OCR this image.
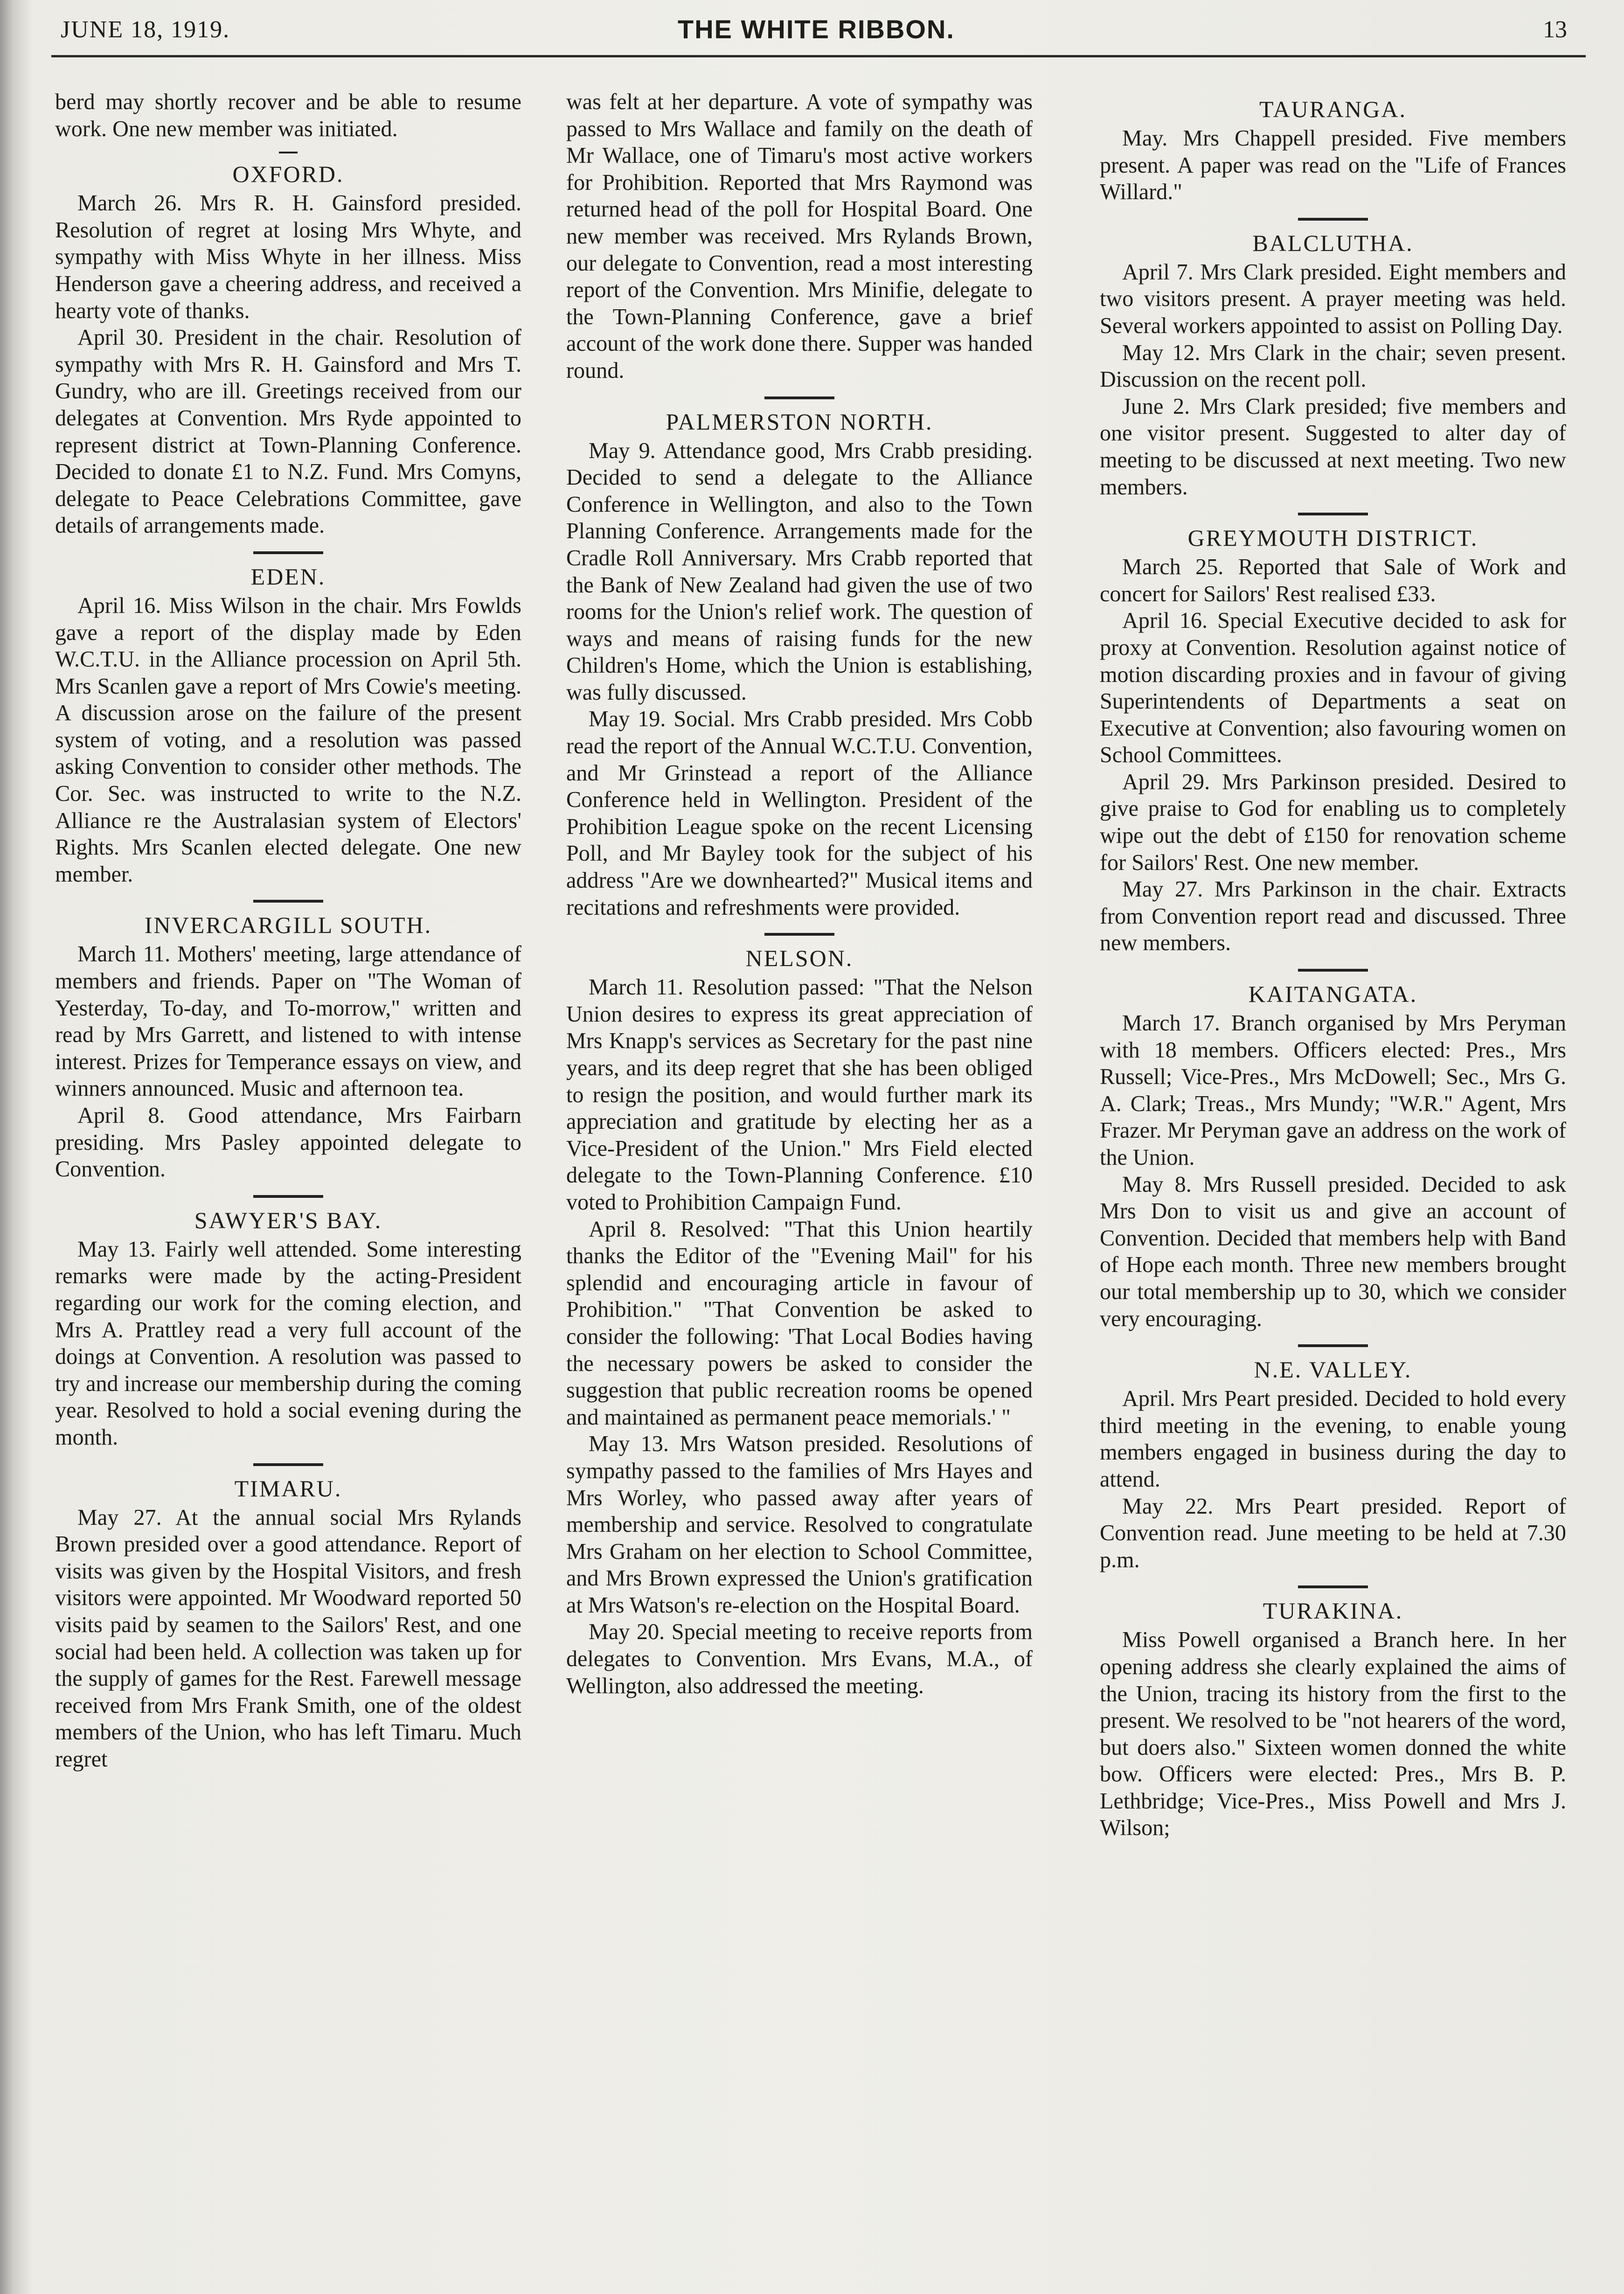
JUNE 18, 1919.	THE WHITE RIBBON.	13

berd may shortly recover and be able to resume work. One new member was initiated.

OXFORD.

March 26. Mrs R. H. Gainsford presided. Resolution of regret at losing Mrs Whyte, and sympathy with Miss Whyte in her illness. Miss Henderson gave a cheering address, and received a hearty vote of thanks.

April 30. President in the chair. Resolution of sympathy with Mrs R. H. Gainsford and Mrs T. Gundry, who are ill. Greetings received from our delegates at Convention. Mrs Ryde appointed to represent district at Town-Planning Conference. Decided to donate £1 to N.Z. Fund. Mrs Comyns, delegate to Peace Celebrations Committee, gave details of arrangements made.

EDEN.

April 16. Miss Wilson in the chair. Mrs Fowlds gave a report of the display made by Eden W.C.T.U. in the Alliance procession on April 5th. Mrs Scanlen gave a report of Mrs Cowie's meeting. A discussion arose on the failure of the present system of voting, and a resolution was passed asking Convention to consider other methods. The Cor. Sec. was instructed to write to the N.Z. Alliance re the Australasian system of Electors' Rights. Mrs Scanlen elected delegate. One new member.

INVERCARGILL SOUTH.

March 11. Mothers' meeting, large attendance of members and friends. Paper on "The Woman of Yesterday, To-day, and To-morrow," written and read by Mrs Garrett, and listened to with intense interest. Prizes for Temperance essays on view, and winners announced. Music and afternoon tea.

April 8. Good attendance, Mrs Fairbarn presiding. Mrs Pasley appointed delegate to Convention.

SAWYER'S BAY.

May 13. Fairly well attended. Some interesting remarks were made by the acting-President regarding our work for the coming election, and Mrs A. Prattley read a very full account of the doings at Convention. A resolution was passed to try and increase our membership during the coming year. Resolved to hold a social evening during the month.

TIMARU.

May 27. At the annual social Mrs Rylands Brown presided over a good attendance. Report of visits was given by the Hospital Visitors, and fresh visitors were appointed. Mr Woodward reported 50 visits paid by seamen to the Sailors' Rest, and one social had been held. A collection was taken up for the supply of games for the Rest. Farewell message received from Mrs Frank Smith, one of the oldest members of the Union, who has left Timaru. Much regret

was felt at her departure. A vote of sympathy was passed to Mrs Wallace and family on the death of Mr Wallace, one of Timaru's most active workers for Prohibition. Reported that Mrs Raymond was returned head of the poll for Hospital Board. One new member was received. Mrs Rylands Brown, our delegate to Convention, read a most interesting report of the Convention. Mrs Minifie, delegate to the Town-Planning Conference, gave a brief account of the work done there. Supper was handed round.

PALMERSTON NORTH.

May 9. Attendance good, Mrs Crabb presiding. Decided to send a delegate to the Alliance Conference in Wellington, and also to the Town Planning Conference. Arrangements made for the Cradle Roll Anniversary. Mrs Crabb reported that the Bank of New Zealand had given the use of two rooms for the Union's relief work. The question of ways and means of raising funds for the new Children's Home, which the Union is establishing, was fully discussed.

May 19. Social. Mrs Crabb presided. Mrs Cobb read the report of the Annual W.C.T.U. Convention, and Mr Grinstead a report of the Alliance Conference held in Wellington. President of the Prohibition League spoke on the recent Licensing Poll, and Mr Bayley took for the subject of his address "Are we downhearted?" Musical items and recitations and refreshments were provided.

NELSON.

March 11. Resolution passed: "That the Nelson Union desires to express its great appreciation of Mrs Knapp's services as Secretary for the past nine years, and its deep regret that she has been obliged to resign the position, and would further mark its appreciation and gratitude by electing her as a Vice-President of the Union." Mrs Field elected delegate to the Town-Planning Conference. £10 voted to Prohibition Campaign Fund.

April 8. Resolved: "That this Union heartily thanks the Editor of the "Evening Mail" for his splendid and encouraging article in favour of Prohibition." "That Convention be asked to consider the following: 'That Local Bodies having the necessary powers be asked to consider the suggestion that public recreation rooms be opened and maintained as permanent peace memorials.' "

May 13. Mrs Watson presided. Resolutions of sympathy passed to the families of Mrs Hayes and Mrs Worley, who passed away after years of membership and service. Resolved to congratulate Mrs Graham on her election to School Committee, and Mrs Brown expressed the Union's gratification at Mrs Watson's re-election on the Hospital Board.

May 20. Special meeting to receive reports from delegates to Convention. Mrs Evans, M.A., of Wellington, also addressed the meeting.

TAURANGA.

May. Mrs Chappell presided. Five members present. A paper was read on the "Life of Frances Willard."

BALCLUTHA.

April 7. Mrs Clark presided. Eight members and two visitors present. A prayer meeting was held. Several workers appointed to assist on Polling Day.

May 12. Mrs Clark in the chair; seven present. Discussion on the recent poll.

June 2. Mrs Clark presided; five members and one visitor present. Suggested to alter day of meeting to be discussed at next meeting. Two new members.

GREYMOUTH DISTRICT.

March 25. Reported that Sale of Work and concert for Sailors' Rest realised £33.

April 16. Special Executive decided to ask for proxy at Convention. Resolution against notice of motion discarding proxies and in favour of giving Superintendents of Departments a seat on Executive at Convention; also favouring women on School Committees.

April 29. Mrs Parkinson presided. Desired to give praise to God for enabling us to completely wipe out the debt of £150 for renovation scheme for Sailors' Rest. One new member.

May 27. Mrs Parkinson in the chair. Extracts from Convention report read and discussed. Three new members.

KAITANGATA.

March 17. Branch organised by Mrs Peryman with 18 members. Officers elected: Pres., Mrs Russell; Vice-Pres., Mrs McDowell; Sec., Mrs G. A. Clark; Treas., Mrs Mundy; "W.R." Agent, Mrs Frazer. Mr Peryman gave an address on the work of the Union.

May 8. Mrs Russell presided. Decided to ask Mrs Don to visit us and give an account of Convention. Decided that members help with Band of Hope each month. Three new members brought our total membership up to 30, which we consider very encouraging.

N.E. VALLEY.

April. Mrs Peart presided. Decided to hold every third meeting in the evening, to enable young members engaged in business during the day to attend.

May 22. Mrs Peart presided. Report of Convention read. June meeting to be held at 7.30 p.m.

TURAKINA.

Miss Powell organised a Branch here. In her opening address she clearly explained the aims of the Union, tracing its history from the first to the present. We resolved to be "not hearers of the word, but doers also." Sixteen women donned the white bow. Officers were elected: Pres., Mrs B. P. Lethbridge; Vice-Pres., Miss Powell and Mrs J. Wilson;
